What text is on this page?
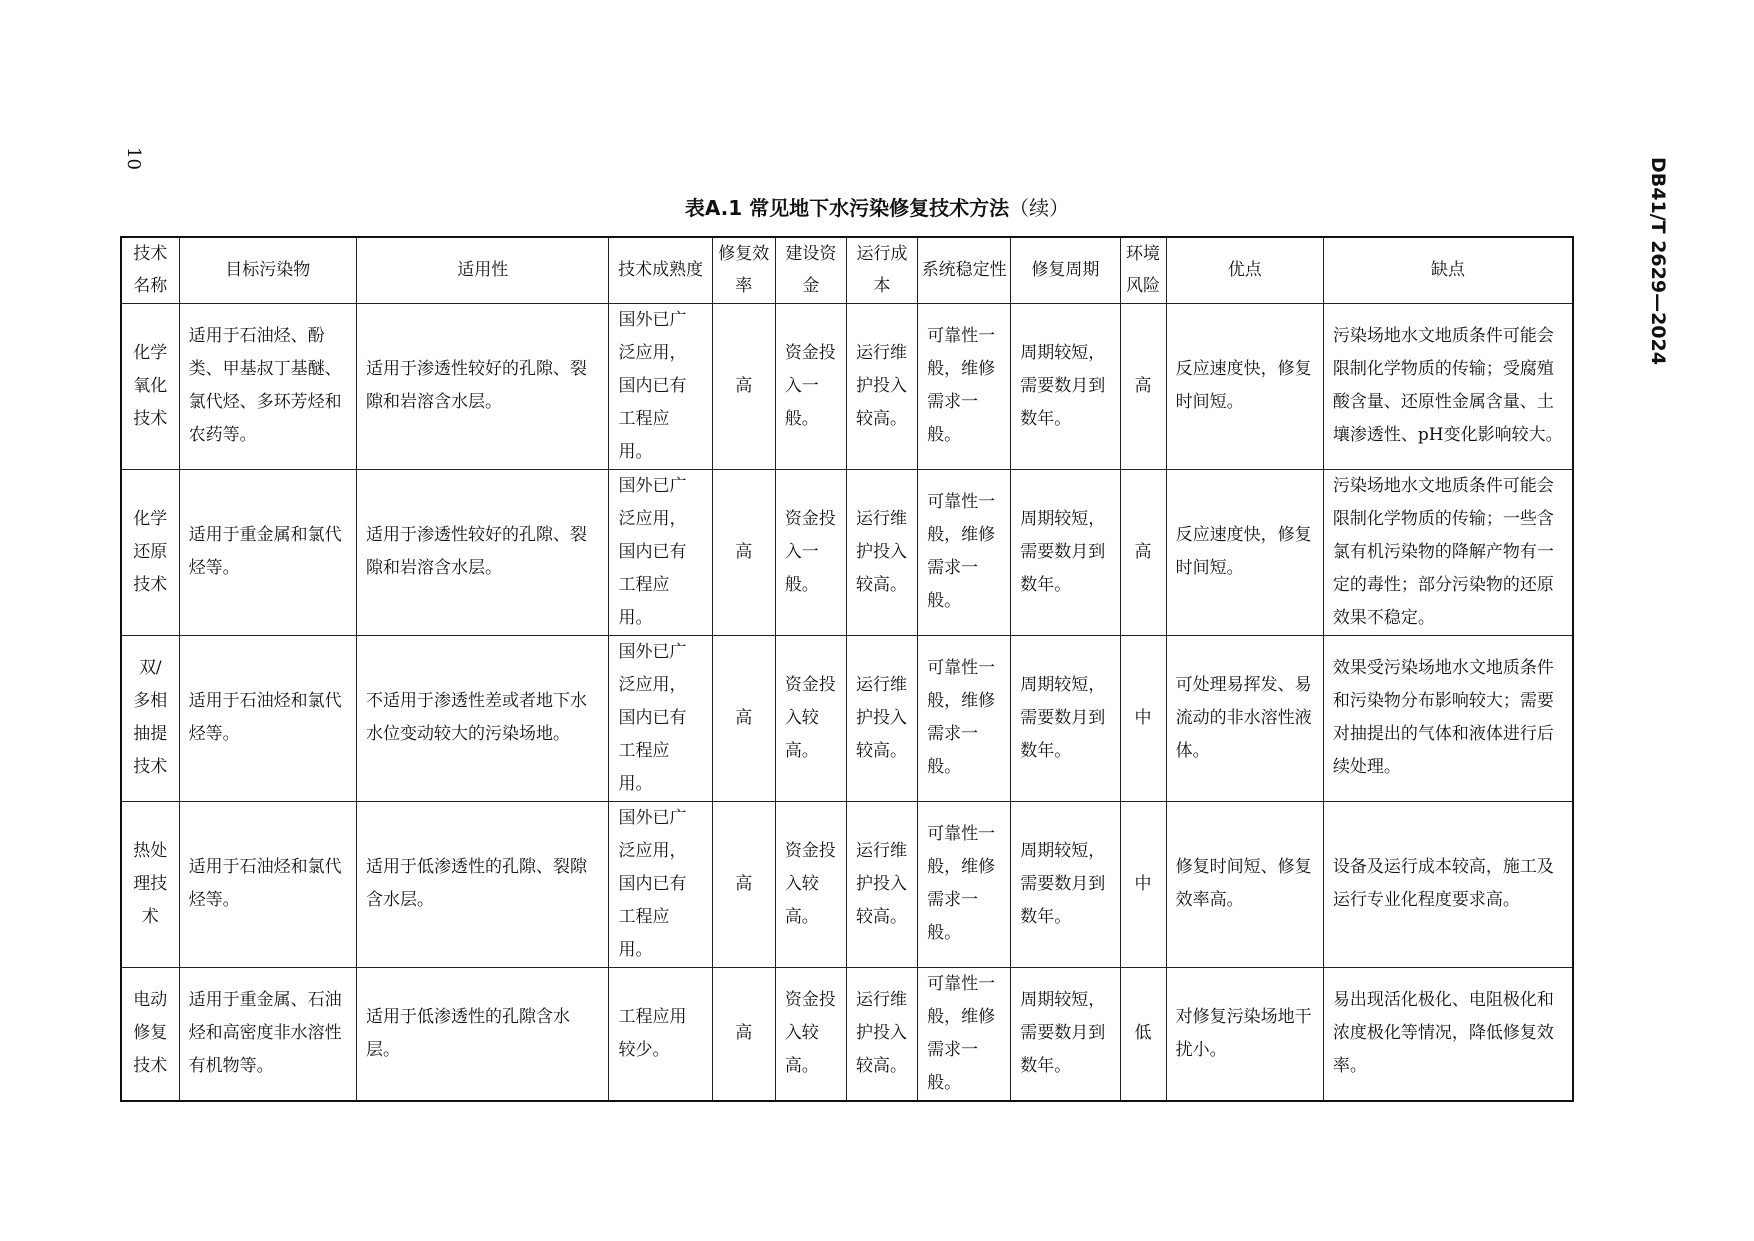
10	DB41/T 2629—2024
表A.1 常见地下水污染修复技术方法（续）
技术名称	目标污染物	适用性	技术成熟度	修复效率	建设资金	运行成本	系统稳定性	修复周期	环境风险	优点	缺点
化学氧化技术	适用于石油烃、酚类、甲基叔丁基醚、氯代烃、多环芳烃和农药等。	适用于渗透性较好的孔隙、裂隙和岩溶含水层。	国外已广泛应用，国内已有工程应用。	高	资金投入一般。	运行维护投入较高。	可靠性一般，维修需求一般。	周期较短，需要数月到数年。	高	反应速度快，修复时间短。	污染场地水文地质条件可能会限制化学物质的传输；受腐殖酸含量、还原性金属含量、土壤渗透性、pH变化影响较大。
化学还原技术	适用于重金属和氯代烃等。	适用于渗透性较好的孔隙、裂隙和岩溶含水层。	国外已广泛应用，国内已有工程应用。	高	资金投入一般。	运行维护投入较高。	可靠性一般，维修需求一般。	周期较短，需要数月到数年。	高	反应速度快，修复时间短。	污染场地水文地质条件可能会限制化学物质的传输；一些含氯有机污染物的降解产物有一定的毒性；部分污染物的还原效果不稳定。
双/多相抽提技术	适用于石油烃和氯代烃等。	不适用于渗透性差或者地下水水位变动较大的污染场地。	国外已广泛应用，国内已有工程应用。	高	资金投入较高。	运行维护投入较高。	可靠性一般，维修需求一般。	周期较短，需要数月到数年。	中	可处理易挥发、易流动的非水溶性液体。	效果受污染场地水文地质条件和污染物分布影响较大；需要对抽提出的气体和液体进行后续处理。
热处理技术	适用于石油烃和氯代烃等。	适用于低渗透性的孔隙、裂隙含水层。	国外已广泛应用，国内已有工程应用。	高	资金投入较高。	运行维护投入较高。	可靠性一般，维修需求一般。	周期较短，需要数月到数年。	中	修复时间短、修复效率高。	设备及运行成本较高，施工及运行专业化程度要求高。
电动修复技术	适用于重金属、石油烃和高密度非水溶性有机物等。	适用于低渗透性的孔隙含水层。	工程应用较少。	高	资金投入较高。	运行维护投入较高。	可靠性一般，维修需求一般。	周期较短，需要数月到数年。	低	对修复污染场地干扰小。	易出现活化极化、电阻极化和浓度极化等情况，降低修复效率。
